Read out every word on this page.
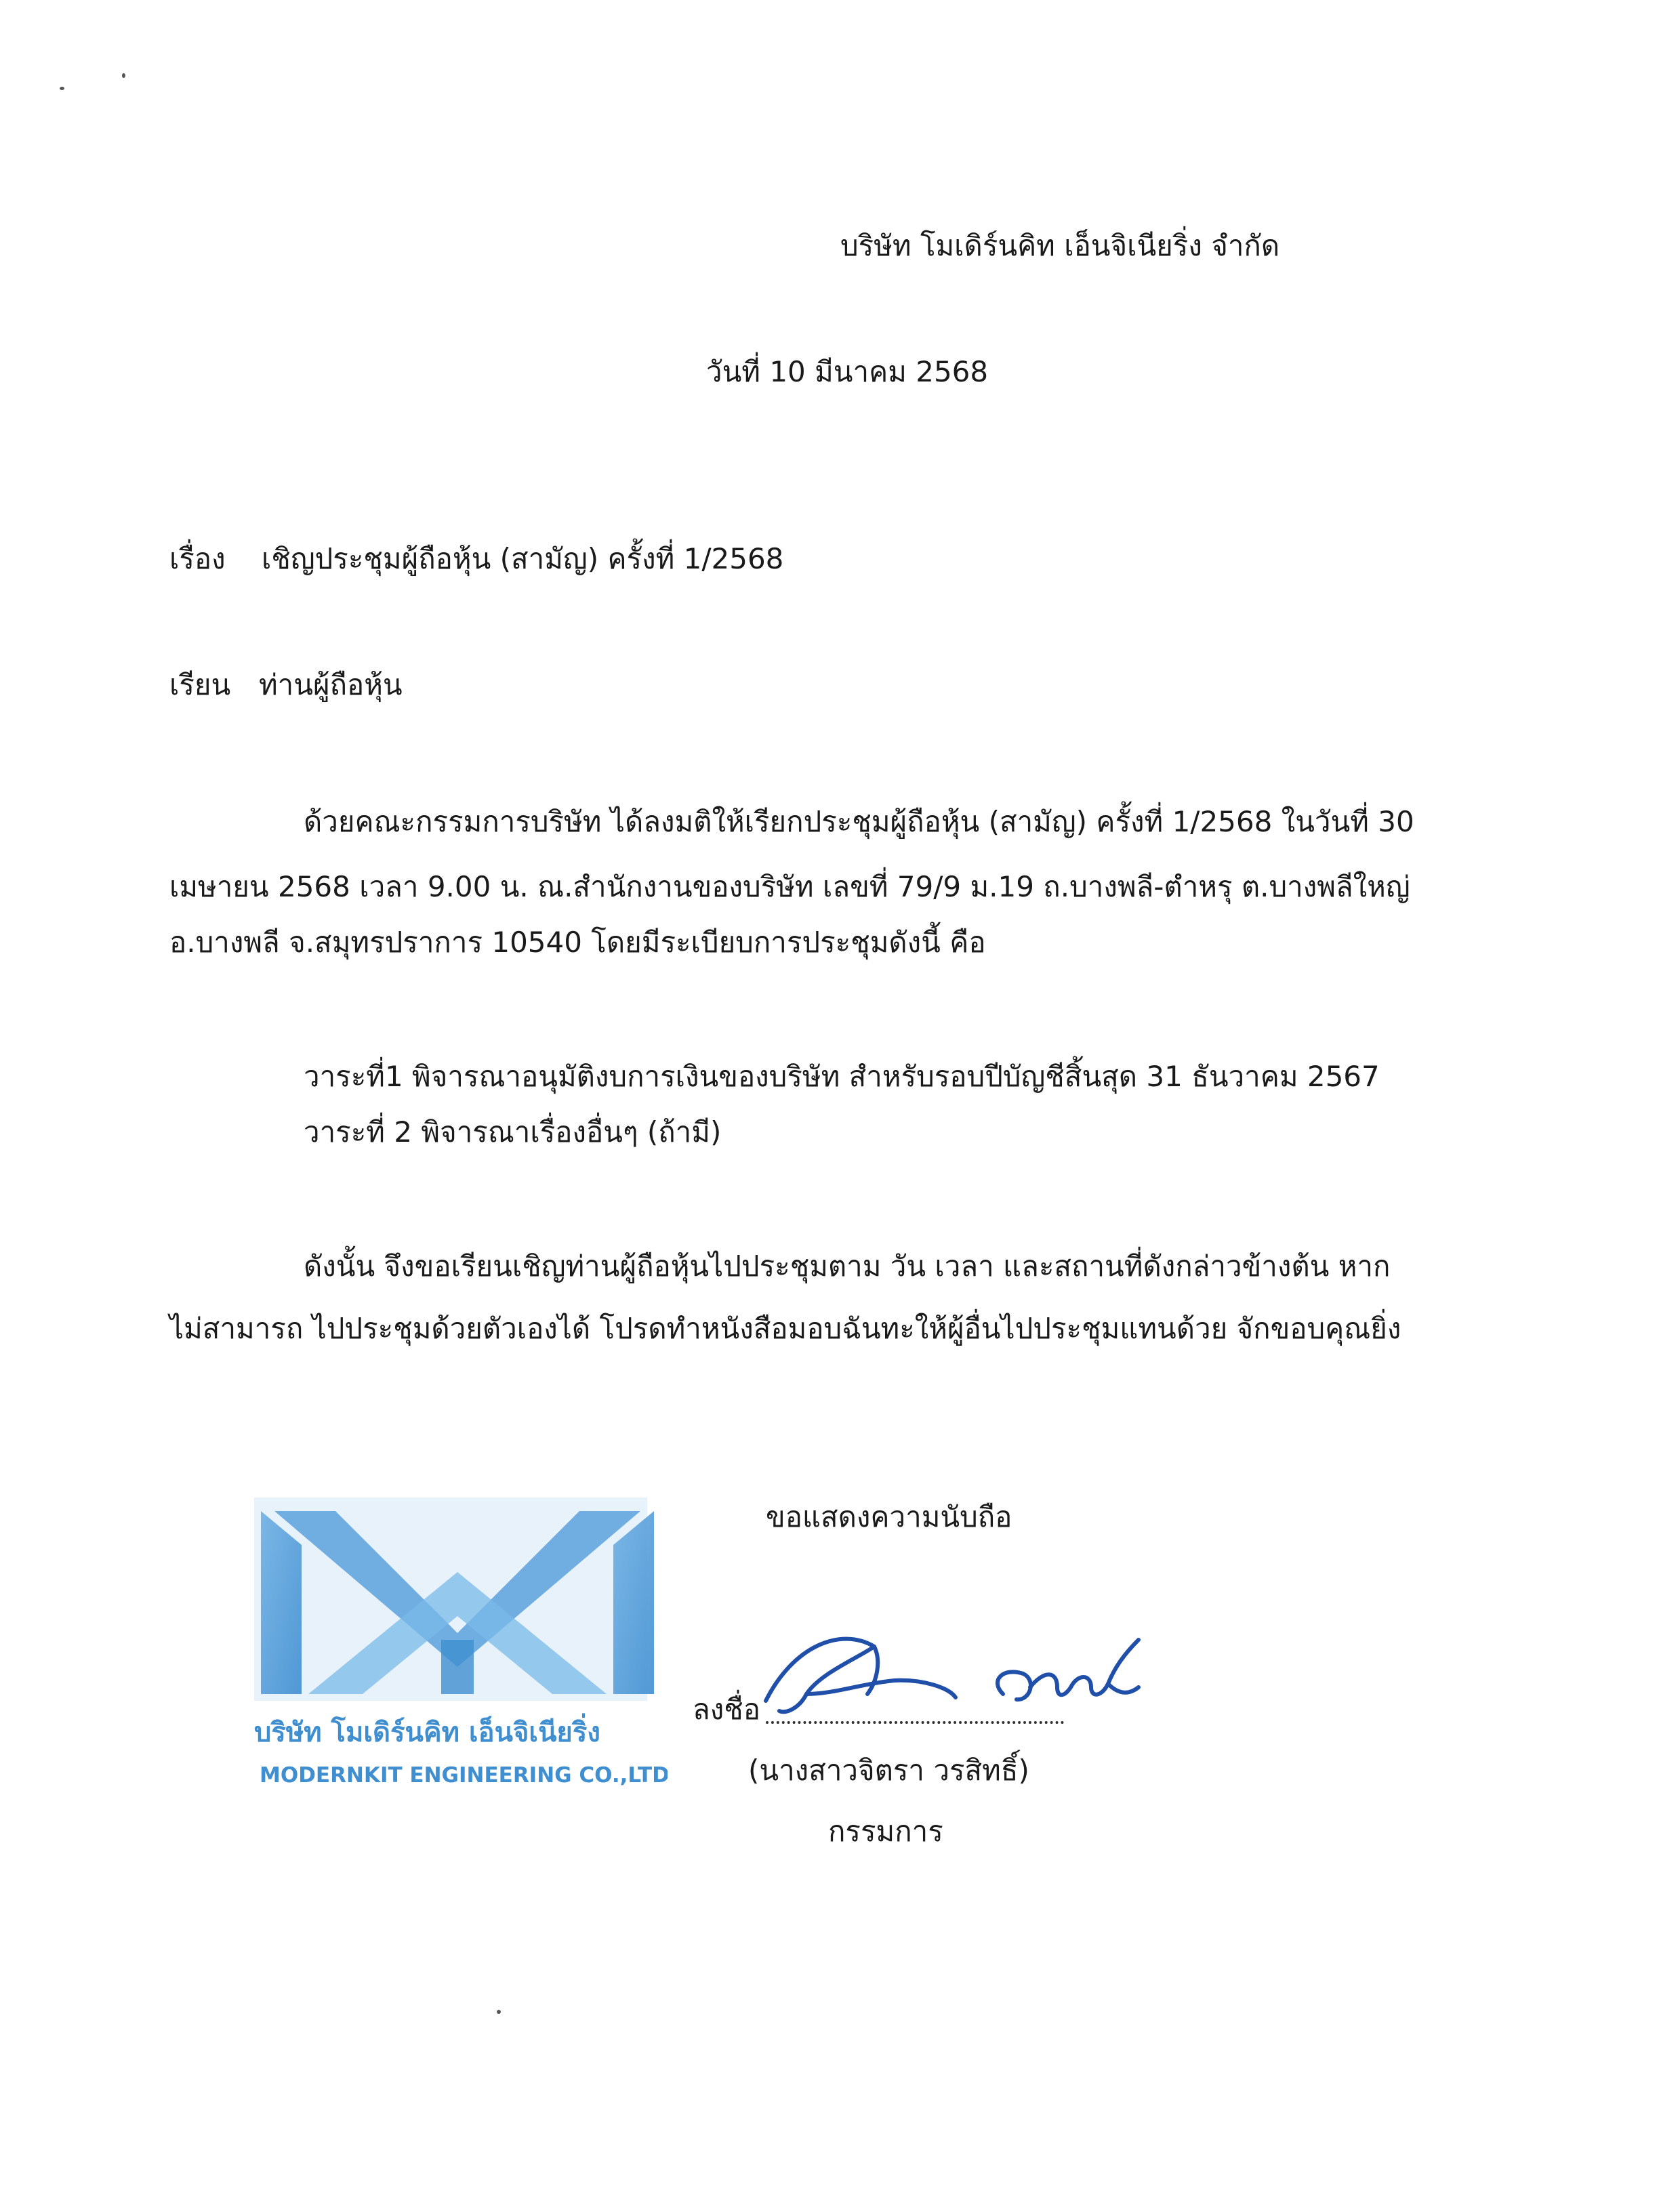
บริษัท โมเดิร์นคิท เอ็นจิเนียริ่ง จำกัด
วันที่ 10 มีนาคม 2568
เรื่อง เชิญประชุมผู้ถือหุ้น (สามัญ) ครั้งที่ 1/2568
เรียน ท่านผู้ถือหุ้น
ด้วยคณะกรรมการบริษัท ได้ลงมติให้เรียกประชุมผู้ถือหุ้น (สามัญ) ครั้งที่ 1/2568 ในวันที่ 30
เมษายน 2568 เวลา 9.00 น. ณ.สำนักงานของบริษัท เลขที่ 79/9 ม.19 ถ.บางพลี-ตำหรุ ต.บางพลีใหญ่
อ.บางพลี จ.สมุทรปราการ 10540 โดยมีระเบียบการประชุมดังนี้ คือ
วาระที่1 พิจารณาอนุมัติงบการเงินของบริษัท สำหรับรอบปีบัญชีสิ้นสุด 31 ธันวาคม 2567
วาระที่ 2 พิจารณาเรื่องอื่นๆ (ถ้ามี)
ดังนั้น จึงขอเรียนเชิญท่านผู้ถือหุ้นไปประชุมตาม วัน เวลา และสถานที่ดังกล่าวข้างต้น หาก
ไม่สามารถ ไปประชุมด้วยตัวเองได้ โปรดทำหนังสือมอบฉันทะให้ผู้อื่นไปประชุมแทนด้วย จักขอบคุณยิ่ง
ขอแสดงความนับถือ
บริษัท โมเดิร์นคิท เอ็นจิเนียริ่ง
MODERNKIT ENGINEERING CO.,LTD.
ลงชื่อ
(นางสาวจิตรา วรสิทธิ์)
กรรมการ
